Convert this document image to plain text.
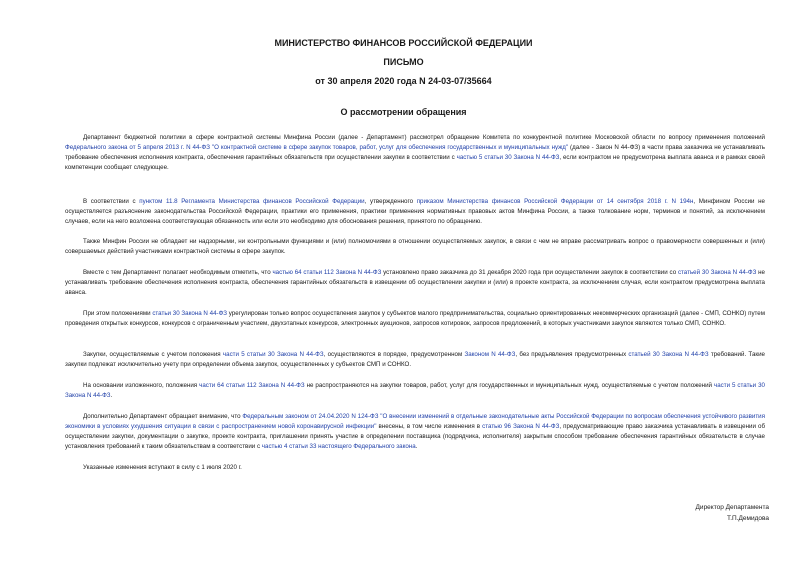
МИНИСТЕРСТВО ФИНАНСОВ РОССИЙСКОЙ ФЕДЕРАЦИИ
ПИСЬМО
от 30 апреля 2020 года N 24-03-07/35664
О рассмотрении обращения
Департамент бюджетной политики в сфере контрактной системы Минфина России (далее - Департамент) рассмотрел обращение Комитета по конкурентной политике Московской области по вопросу применения положений Федерального закона от 5 апреля 2013 г. N 44-ФЗ "О контрактной системе в сфере закупок товаров, работ, услуг для обеспечения государственных и муниципальных нужд" (далее - Закон N 44-ФЗ) в части права заказчика не устанавливать требование обеспечения исполнения контракта, обеспечения гарантийных обязательств при осуществлении закупки в соответствии с частью 5 статьи 30 Закона N 44-ФЗ, если контрактом не предусмотрена выплата аванса и в рамках своей компетенции сообщает следующее.
В соответствии с пунктом 11.8 Регламента Министерства финансов Российской Федерации, утвержденного приказом Министерства финансов Российской Федерации от 14 сентября 2018 г. N 194н, Минфином России не осуществляется разъяснение законодательства Российской Федерации, практики его применения, практики применения нормативных правовых актов Минфина России, а также толкование норм, терминов и понятий, за исключением случаев, если на него возложена соответствующая обязанность или если это необходимо для обоснования решения, принятого по обращению.
Также Минфин России не обладает ни надзорными, ни контрольными функциями и (или) полномочиями в отношении осуществляемых закупок, в связи с чем не вправе рассматривать вопрос о правомерности совершенных и (или) совершаемых действий участниками контрактной системы в сфере закупок.
Вместе с тем Департамент полагает необходимым отметить, что частью 64 статьи 112 Закона N 44-ФЗ установлено право заказчика до 31 декабря 2020 года при осуществлении закупок в соответствии со статьей 30 Закона N 44-ФЗ не устанавливать требование обеспечения исполнения контракта, обеспечения гарантийных обязательств в извещении об осуществлении закупки и (или) в проекте контракта, за исключением случая, если контрактом предусмотрена выплата аванса.
При этом положениями статьи 30 Закона N 44-ФЗ урегулирован только вопрос осуществления закупок у субъектов малого предпринимательства, социально ориентированных некоммерческих организаций (далее - СМП, СОНКО) путем проведения открытых конкурсов, конкурсов с ограниченным участием, двухэтапных конкурсов, электронных аукционов, запросов котировок, запросов предложений, в которых участниками закупок являются только СМП, СОНКО.
Закупки, осуществляемые с учетом положения части 5 статьи 30 Закона N 44-ФЗ, осуществляются в порядке, предусмотренном Законом N 44-ФЗ, без предъявления предусмотренных статьей 30 Закона N 44-ФЗ требований. Такие закупки подлежат исключительно учету при определении объема закупок, осуществленных у субъектов СМП и СОНКО.
На основании изложенного, положения части 64 статьи 112 Закона N 44-ФЗ не распространяются на закупки товаров, работ, услуг для государственных и муниципальных нужд, осуществляемые с учетом положений части 5 статьи 30 Закона N 44-ФЗ.
Дополнительно Департамент обращает внимание, что Федеральным законом от 24.04.2020 N 124-ФЗ "О внесении изменений в отдельные законодательные акты Российской Федерации по вопросам обеспечения устойчивого развития экономики в условиях ухудшения ситуации в связи с распространением новой коронавирусной инфекции" внесены, в том числе изменения в статью 96 Закона N 44-ФЗ, предусматривающие право заказчика устанавливать в извещении об осуществлении закупки, документации о закупке, проекте контракта, приглашении принять участие в определении поставщика (подрядчика, исполнителя) закрытым способом требование обеспечения гарантийных обязательств в случае установления требований к таким обязательствам в соответствии с частью 4 статьи 33 настоящего Федерального закона.
Указанные изменения вступают в силу с 1 июля 2020 г.
Директор Департамента
Т.П.Демидова
